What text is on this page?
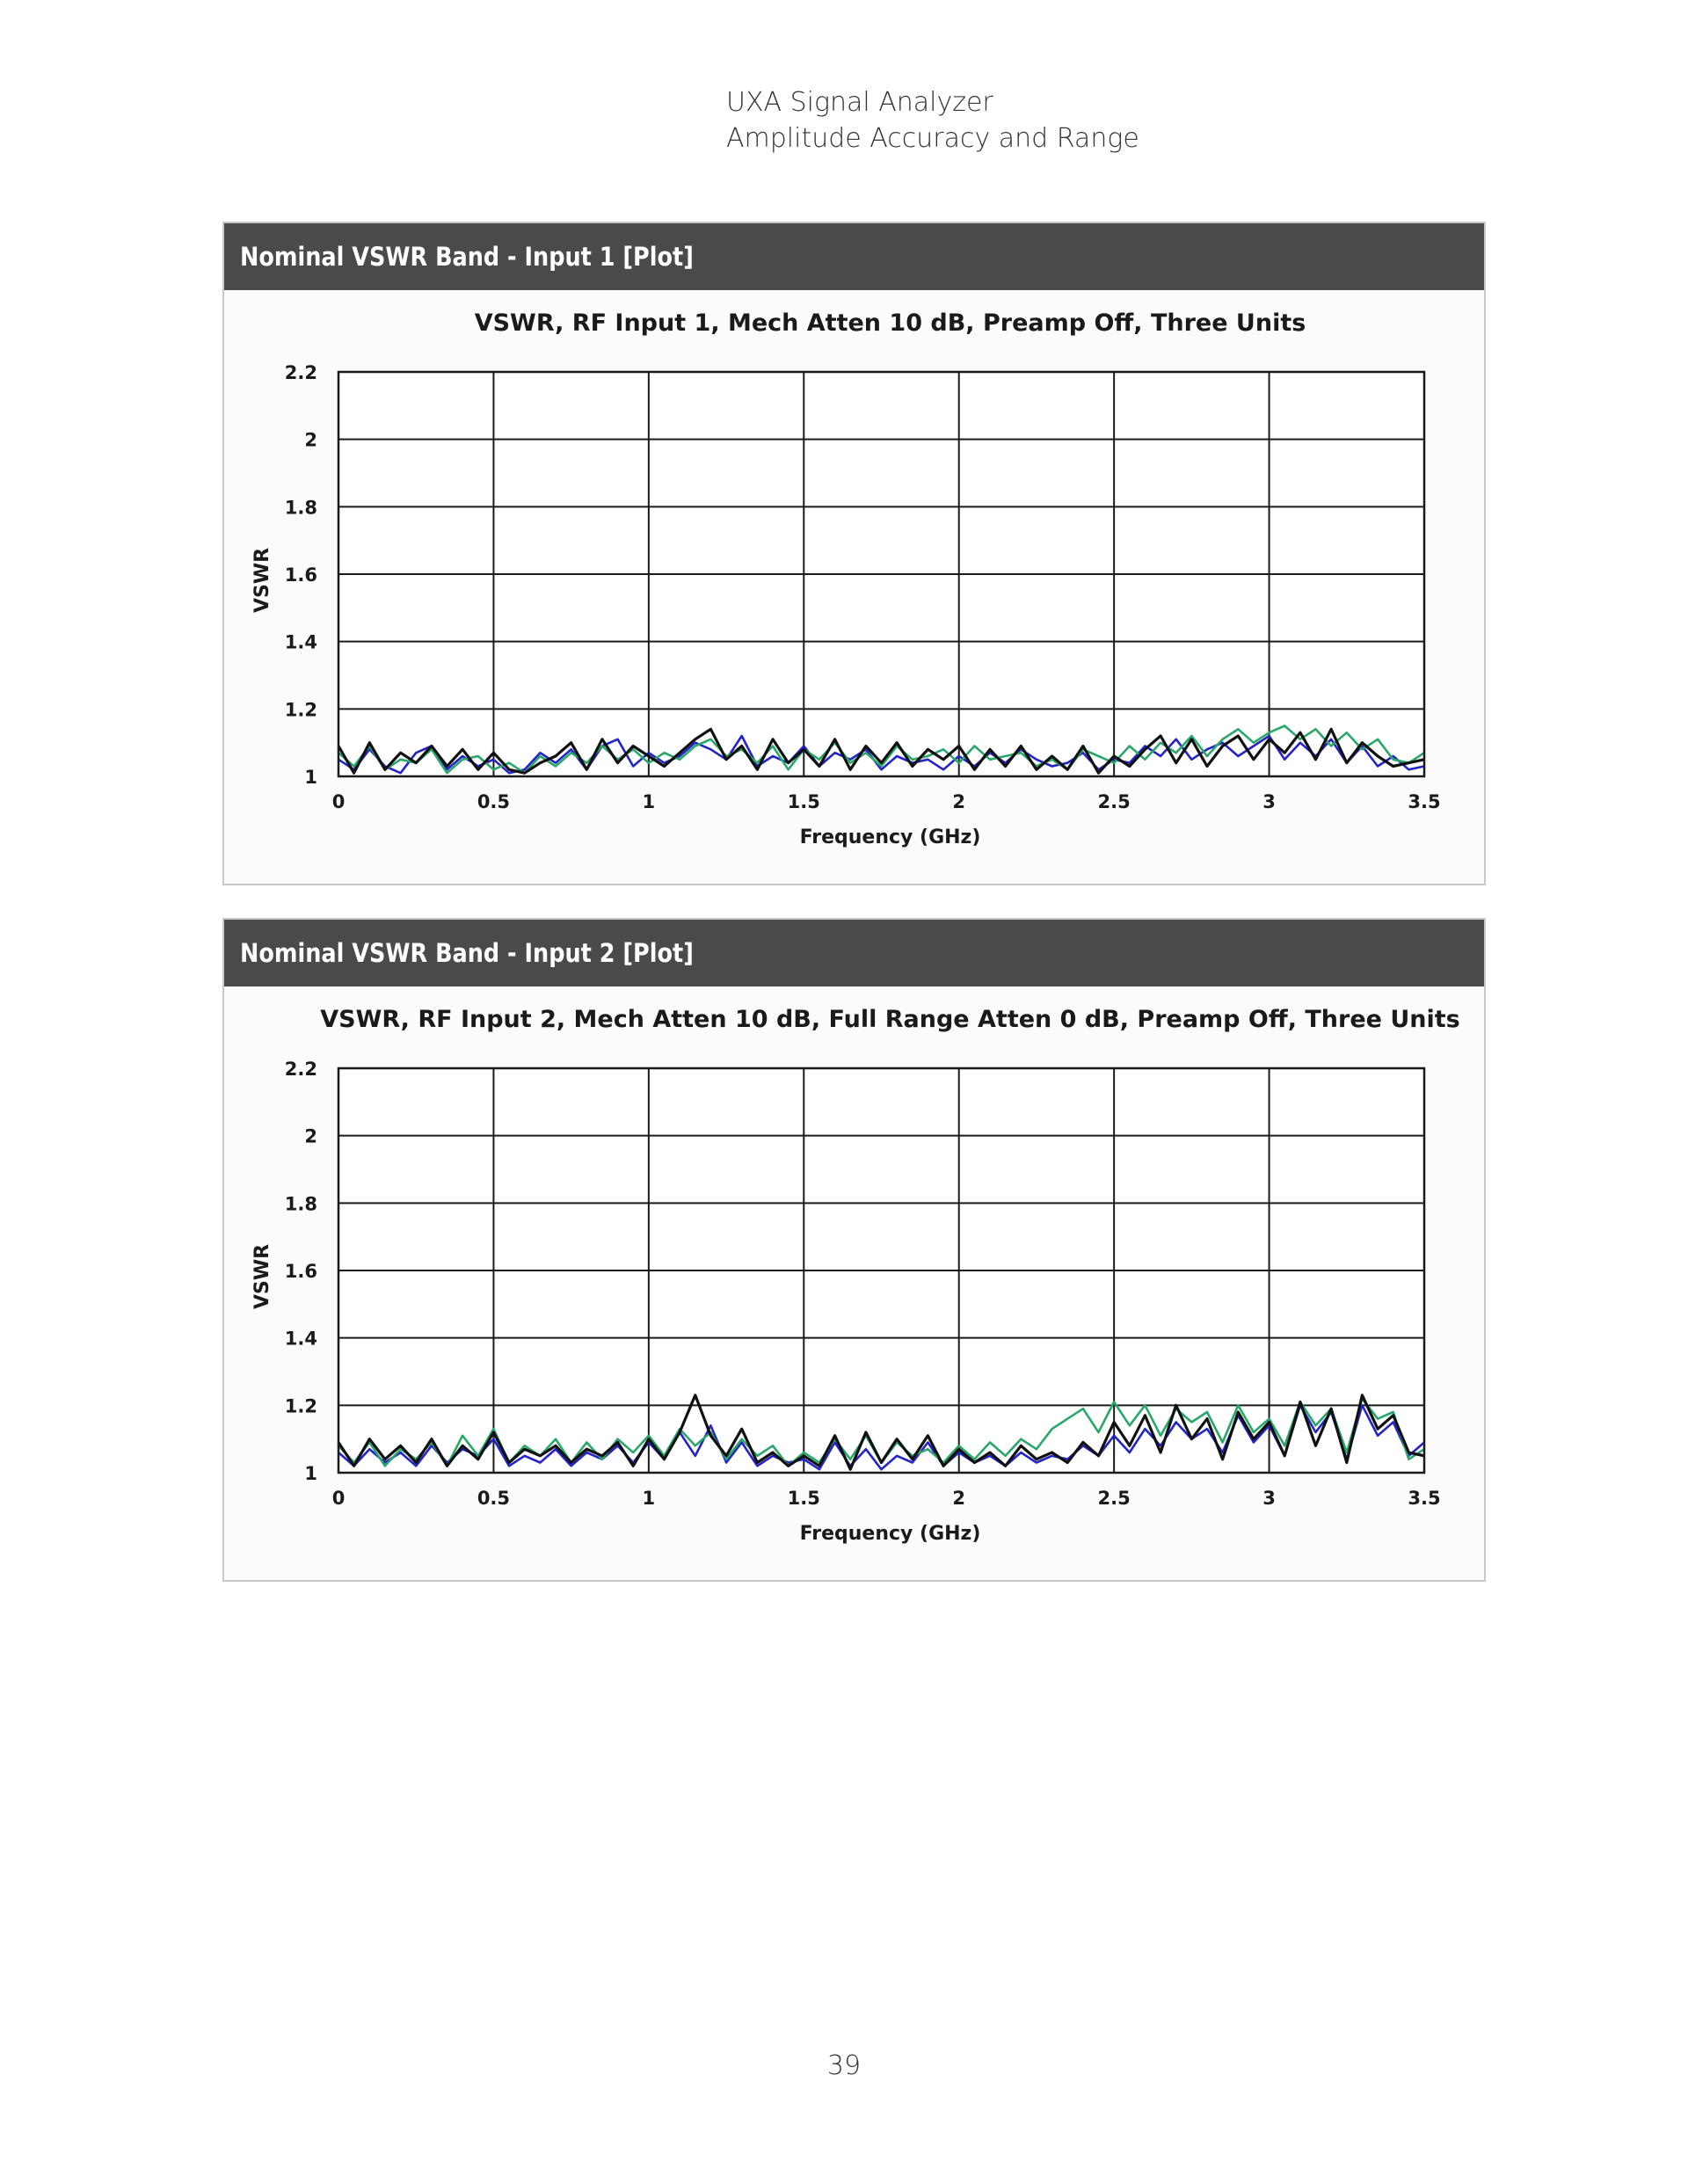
UXA Signal Analyzer
Amplitude Accuracy and Range
Nominal VSWR Band - Input 1 [Plot]
VSWR, RF Input 1, Mech Atten 10 dB, Preamp Off, Three Units
0	0.5	1	1.5	2	2.5	3	3.5
1
1.2
1.4
1.6
1.8
2
2.2
Frequency (GHz)
VSWR
Nominal VSWR Band - Input 2 [Plot]
VSWR, RF Input 2, Mech Atten 10 dB, Full Range Atten 0 dB, Preamp Off, Three Units
0	0.5	1	1.5	2	2.5	3	3.5
1
1.2
1.4
1.6
1.8
2
2.2
Frequency (GHz)
VSWR
39
